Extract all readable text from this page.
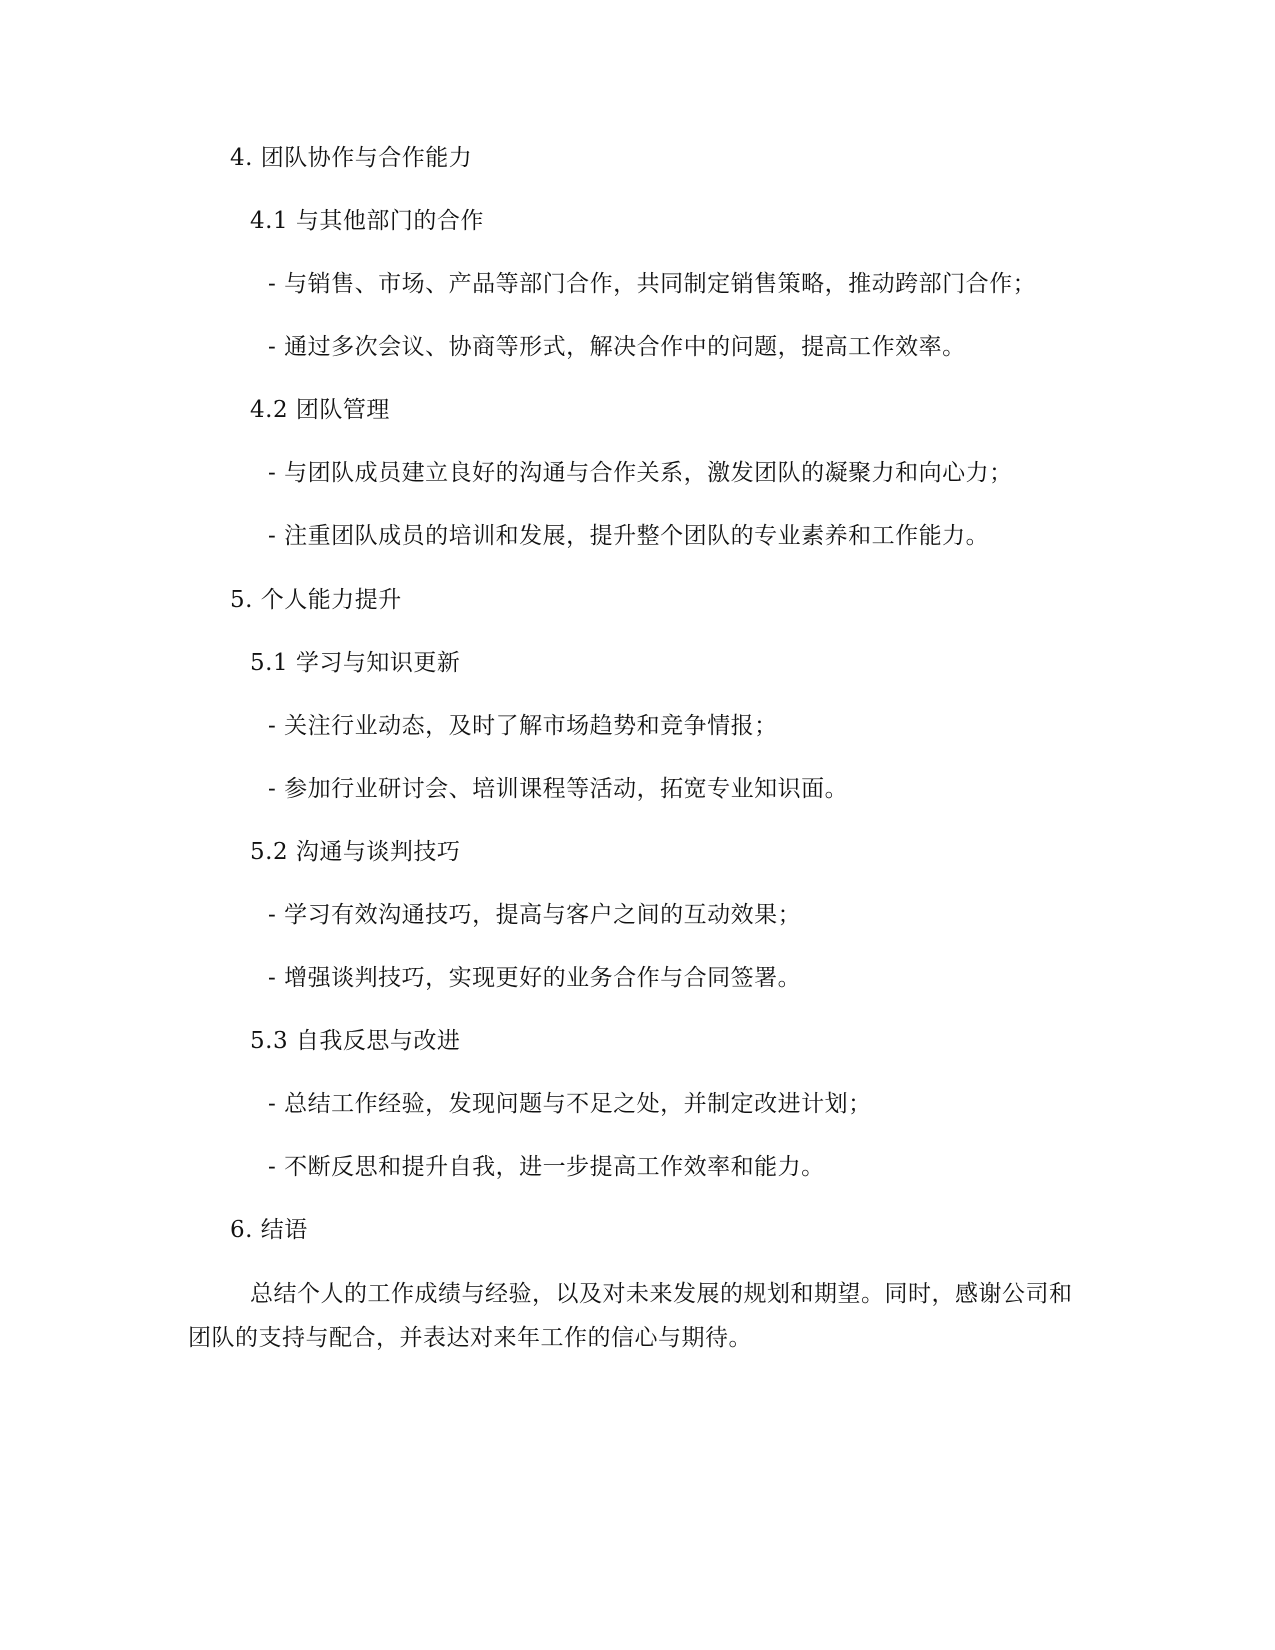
4. 团队协作与合作能力
4.1 与其他部门的合作
- 与销售、市场、产品等部门合作，共同制定销售策略，推动跨部门合作；
- 通过多次会议、协商等形式，解决合作中的问题，提高工作效率。
4.2 团队管理
- 与团队成员建立良好的沟通与合作关系，激发团队的凝聚力和向心力；
- 注重团队成员的培训和发展，提升整个团队的专业素养和工作能力。
5. 个人能力提升
5.1 学习与知识更新
- 关注行业动态，及时了解市场趋势和竞争情报；
- 参加行业研讨会、培训课程等活动，拓宽专业知识面。
5.2 沟通与谈判技巧
- 学习有效沟通技巧，提高与客户之间的互动效果；
- 增强谈判技巧，实现更好的业务合作与合同签署。
5.3 自我反思与改进
- 总结工作经验，发现问题与不足之处，并制定改进计划；
- 不断反思和提升自我，进一步提高工作效率和能力。
6. 结语
总结个人的工作成绩与经验，以及对未来发展的规划和期望。同时，感谢公司和团队的支持与配合，并表达对来年工作的信心与期待。
